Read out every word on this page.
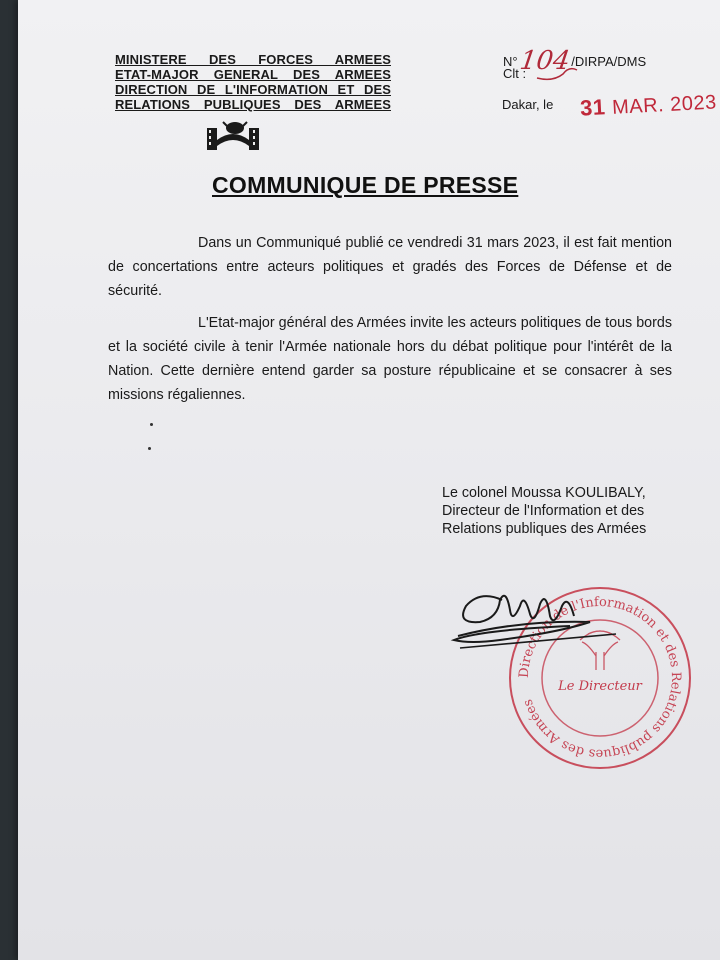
MINISTERE DES FORCES ARMEES
ETAT-MAJOR GENERAL DES ARMEES
DIRECTION DE L'INFORMATION ET DES
RELATIONS PUBLIQUES DES ARMEES
N°104/DIRPA/DMS
Clt :
Dakar, le 31 MAR. 2023
COMMUNIQUE DE PRESSE

Dans un Communiqué publié ce vendredi 31 mars 2023, il est fait mention de concertations entre acteurs politiques et gradés des Forces de Défense et de sécurité.

L'Etat-major général des Armées invite les acteurs politiques de tous bords et la société civile à tenir l'Armée nationale hors du débat politique pour l'intérêt de la Nation. Cette dernière entend garder sa posture républicaine et se consacrer à ses missions régaliennes.

Le colonel Moussa KOULIBALY,
Directeur de l'Information et des
Relations publiques des Armées
Direction de l'Information et des Relations publiques des Armées
Le Directeur
